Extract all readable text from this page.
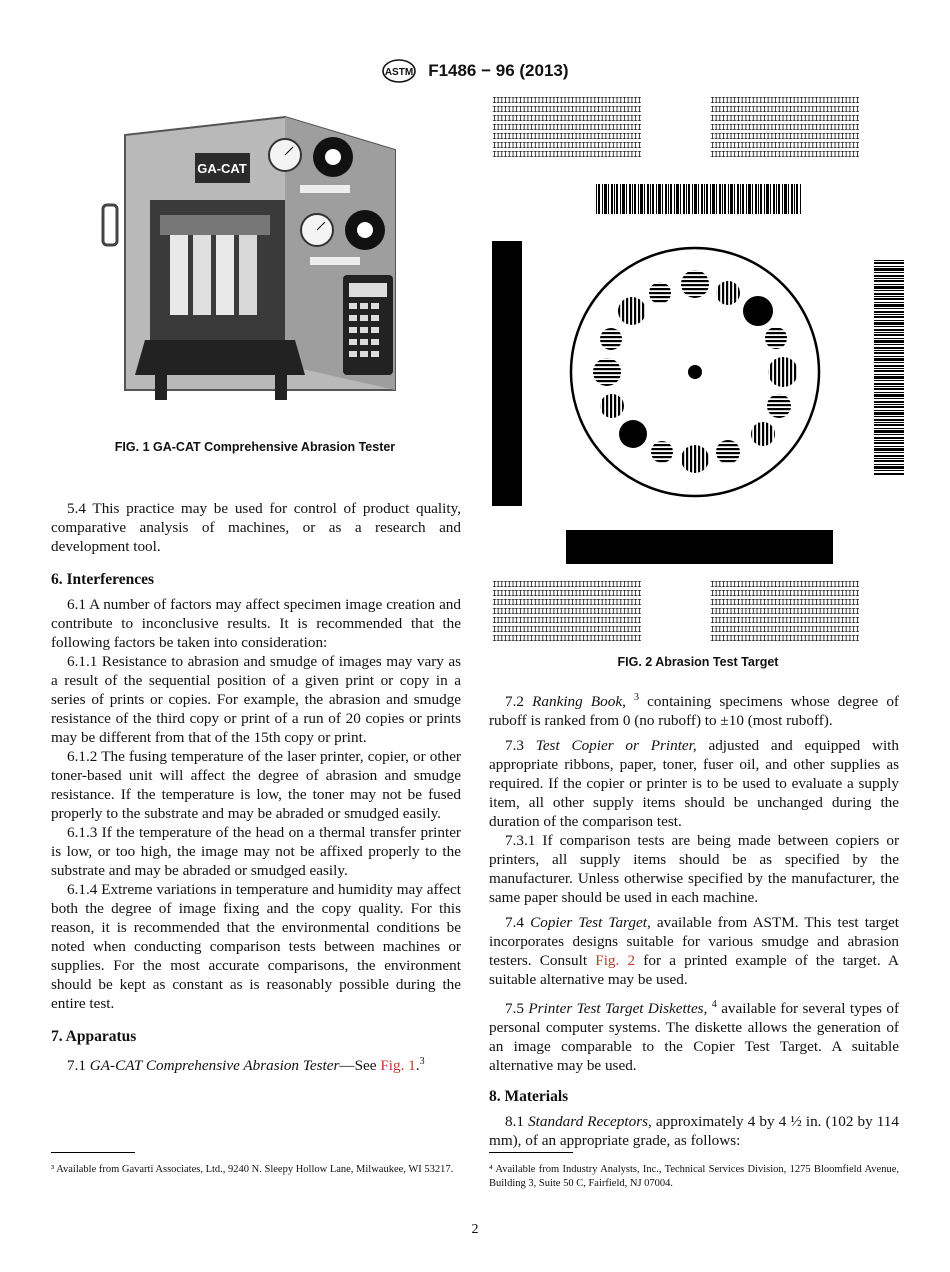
ASTM F1486 − 96 (2013)
GA-CAT
FIG. 1 GA-CAT Comprehensive Abrasion Tester
IIIIIIIIIIIIIIIIIIIIIIIIIIIIIIIIIIIIIIII
IIIIIIIIIIIIIIIIIIIIIIIIIIIIIIIIIIIIIIII
IIIIIIIIIIIIIIIIIIIIIIIIIIIIIIIIIIIIIIII
IIIIIIIIIIIIIIIIIIIIIIIIIIIIIIIIIIIIIIII
IIIIIIIIIIIIIIIIIIIIIIIIIIIIIIIIIIIIIIII
IIIIIIIIIIIIIIIIIIIIIIIIIIIIIIIIIIIIIIII
IIIIIIIIIIIIIIIIIIIIIIIIIIIIIIIIIIIIIIII
IIIIIIIIIIIIIIIIIIIIIIIIIIIIIIIIIIIIIIII
IIIIIIIIIIIIIIIIIIIIIIIIIIIIIIIIIIIIIIII
IIIIIIIIIIIIIIIIIIIIIIIIIIIIIIIIIIIIIIII
IIIIIIIIIIIIIIIIIIIIIIIIIIIIIIIIIIIIIIII
IIIIIIIIIIIIIIIIIIIIIIIIIIIIIIIIIIIIIIII
IIIIIIIIIIIIIIIIIIIIIIIIIIIIIIIIIIIIIIII
IIIIIIIIIIIIIIIIIIIIIIIIIIIIIIIIIIIIIIII
IIIIIIIIIIIIIIIIIIIIIIIIIIIIIIIIIIIIIIII
IIIIIIIIIIIIIIIIIIIIIIIIIIIIIIIIIIIIIIII
IIIIIIIIIIIIIIIIIIIIIIIIIIIIIIIIIIIIIIII
IIIIIIIIIIIIIIIIIIIIIIIIIIIIIIIIIIIIIIII
IIIIIIIIIIIIIIIIIIIIIIIIIIIIIIIIIIIIIIII
IIIIIIIIIIIIIIIIIIIIIIIIIIIIIIIIIIIIIIII
IIIIIIIIIIIIIIIIIIIIIIIIIIIIIIIIIIIIIIII
IIIIIIIIIIIIIIIIIIIIIIIIIIIIIIIIIIIIIIII
IIIIIIIIIIIIIIIIIIIIIIIIIIIIIIIIIIIIIIII
IIIIIIIIIIIIIIIIIIIIIIIIIIIIIIIIIIIIIIII
IIIIIIIIIIIIIIIIIIIIIIIIIIIIIIIIIIIIIIII
IIIIIIIIIIIIIIIIIIIIIIIIIIIIIIIIIIIIIIII
IIIIIIIIIIIIIIIIIIIIIIIIIIIIIIIIIIIIIIII
IIIIIIIIIIIIIIIIIIIIIIIIIIIIIIIIIIIIIIII
FIG. 2 Abrasion Test Target

5.4 This practice may be used for control of product quality, comparative analysis of machines, or as a research and development tool.

6. Interferences

6.1 A number of factors may affect specimen image creation and contribute to inconclusive results. It is recommended that the following factors be taken into consideration:

6.1.1 Resistance to abrasion and smudge of images may vary as a result of the sequential position of a given print or copy in a series of prints or copies. For example, the abrasion and smudge resistance of the third copy or print of a run of 20 copies or prints may be different from that of the 15th copy or print.

6.1.2 The fusing temperature of the laser printer, copier, or other toner-based unit will affect the degree of abrasion and smudge resistance. If the temperature is low, the toner may not be fused properly to the substrate and may be abraded or smudged easily.

6.1.3 If the temperature of the head on a thermal transfer printer is low, or too high, the image may not be affixed properly to the substrate and may be abraded or smudged easily.

6.1.4 Extreme variations in temperature and humidity may affect both the degree of image fixing and the copy quality. For this reason, it is recommended that the environmental conditions be noted when conducting comparison tests between machines or supplies. For the most accurate comparisons, the environment should be kept as constant as is reasonably possible during the entire test.

7. Apparatus

7.1 GA-CAT Comprehensive Abrasion Tester—See Fig. 1.$^3$

7.2 Ranking Book, $^3$ containing specimens whose degree of ruboff is ranked from 0 (no ruboff) to ±10 (most ruboff).

7.3 Test Copier or Printer, adjusted and equipped with appropriate ribbons, paper, toner, fuser oil, and other supplies as required. If the copier or printer is to be used to evaluate a supply item, all other supply items should be unchanged during the duration of the comparison test.

7.3.1 If comparison tests are being made between copiers or printers, all supply items should be as specified by the manufacturer. Unless otherwise specified by the manufacturer, the same paper should be used in each machine.

7.4 Copier Test Target, available from ASTM. This test target incorporates designs suitable for various smudge and abrasion testers. Consult Fig. 2 for a printed example of the target. A suitable alternative may be used.

7.5 Printer Test Target Diskettes, $^4$ available for several types of personal computer systems. The diskette allows the generation of an image comparable to the Copier Test Target. A suitable alternative may be used.

8. Materials

8.1 Standard Receptors, approximately 4 by 4 ½ in. (102 by 114 mm), of an appropriate grade, as follows:

³ Available from Gavarti Associates, Ltd., 9240 N. Sleepy Hollow Lane, Milwaukee, WI 53217.	⁴ Available from Industry Analysts, Inc., Technical Services Division, 1275 Bloomfield Avenue, Building 3, Suite 50 C, Fairfield, NJ 07004.
2
